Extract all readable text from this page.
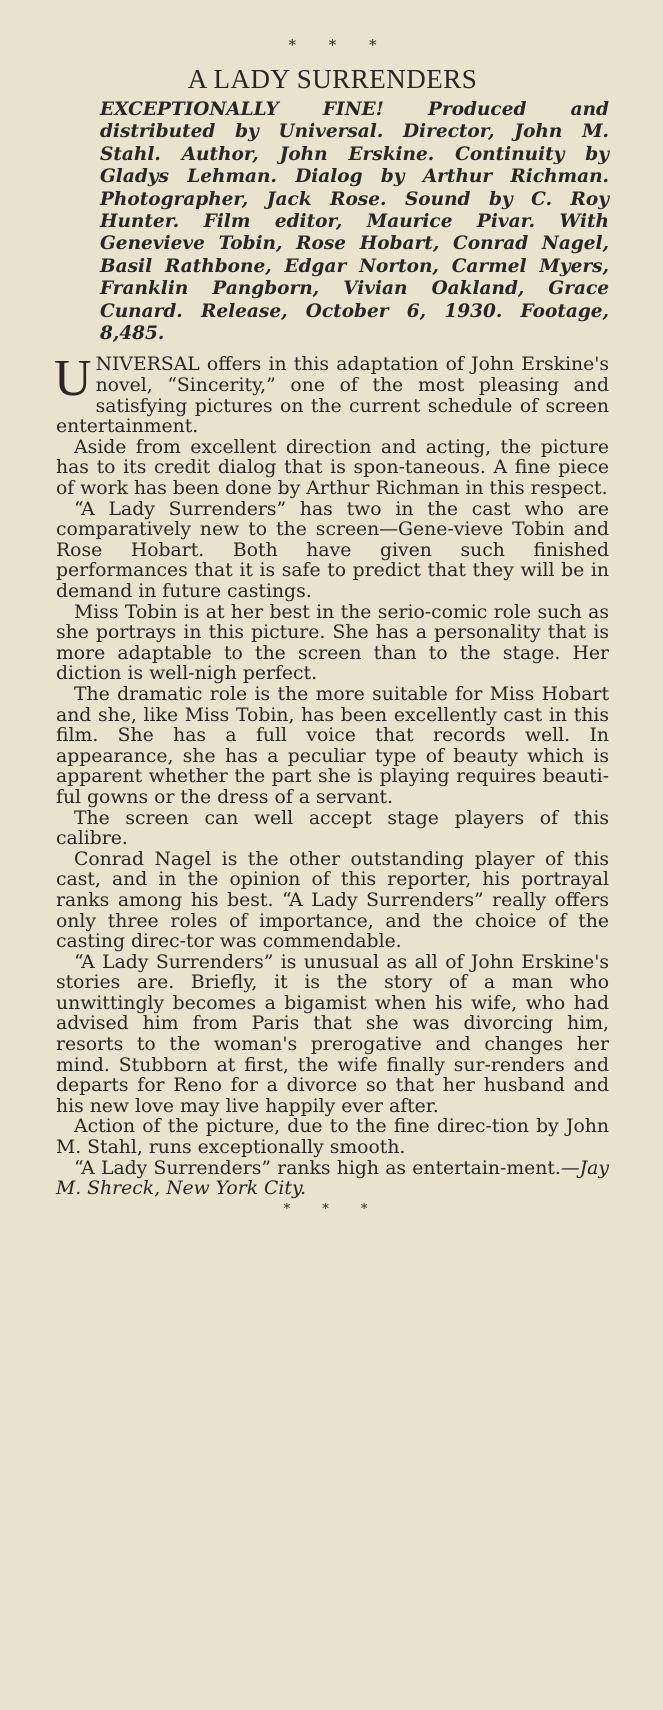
* * *
A LADY SURRENDERS
EXCEPTIONALLY FINE! Produced and distributed by Universal. Director, John M. Stahl. Author, John Erskine. Continuity by Gladys Lehman. Dialog by Arthur Richman. Photographer, Jack Rose. Sound by C. Roy Hunter. Film editor, Maurice Pivar. With Genevieve Tobin, Rose Hobart, Conrad Nagel, Basil Rathbone, Edgar Norton, Carmel Myers, Franklin Pangborn, Vivian Oakland, Grace Cunard. Release, October 6, 1930. Footage, 8,485.

UNIVERSAL offers in this adaptation of John Erskine's novel, “Sincerity,” one of the most pleasing and satisfying pictures on the current schedule of screen entertainment.

Aside from excellent direction and acting, the picture has to its credit dialog that is spon-taneous. A fine piece of work has been done by Arthur Richman in this respect.

“A Lady Surrenders” has two in the cast who are comparatively new to the screen—Gene-vieve Tobin and Rose Hobart. Both have given such finished performances that it is safe to predict that they will be in demand in future castings.

Miss Tobin is at her best in the serio-comic role such as she portrays in this picture. She has a personality that is more adaptable to the screen than to the stage. Her diction is well-nigh perfect.

The dramatic role is the more suitable for Miss Hobart and she, like Miss Tobin, has been excellently cast in this film. She has a full voice that records well. In appearance, she has a peculiar type of beauty which is apparent whether the part she is playing requires beauti-ful gowns or the dress of a servant.

The screen can well accept stage players of this calibre.

Conrad Nagel is the other outstanding player of this cast, and in the opinion of this reporter, his portrayal ranks among his best. “A Lady Surrenders” really offers only three roles of importance, and the choice of the casting direc-tor was commendable.

“A Lady Surrenders” is unusual as all of John Erskine's stories are. Briefly, it is the story of a man who unwittingly becomes a bigamist when his wife, who had advised him from Paris that she was divorcing him, resorts to the woman's prerogative and changes her mind. Stubborn at first, the wife finally sur-renders and departs for Reno for a divorce so that her husband and his new love may live happily ever after.

Action of the picture, due to the fine direc-tion by John M. Stahl, runs exceptionally smooth.

“A Lady Surrenders” ranks high as entertain-ment.—Jay M. Shreck, New York City.

* * *
